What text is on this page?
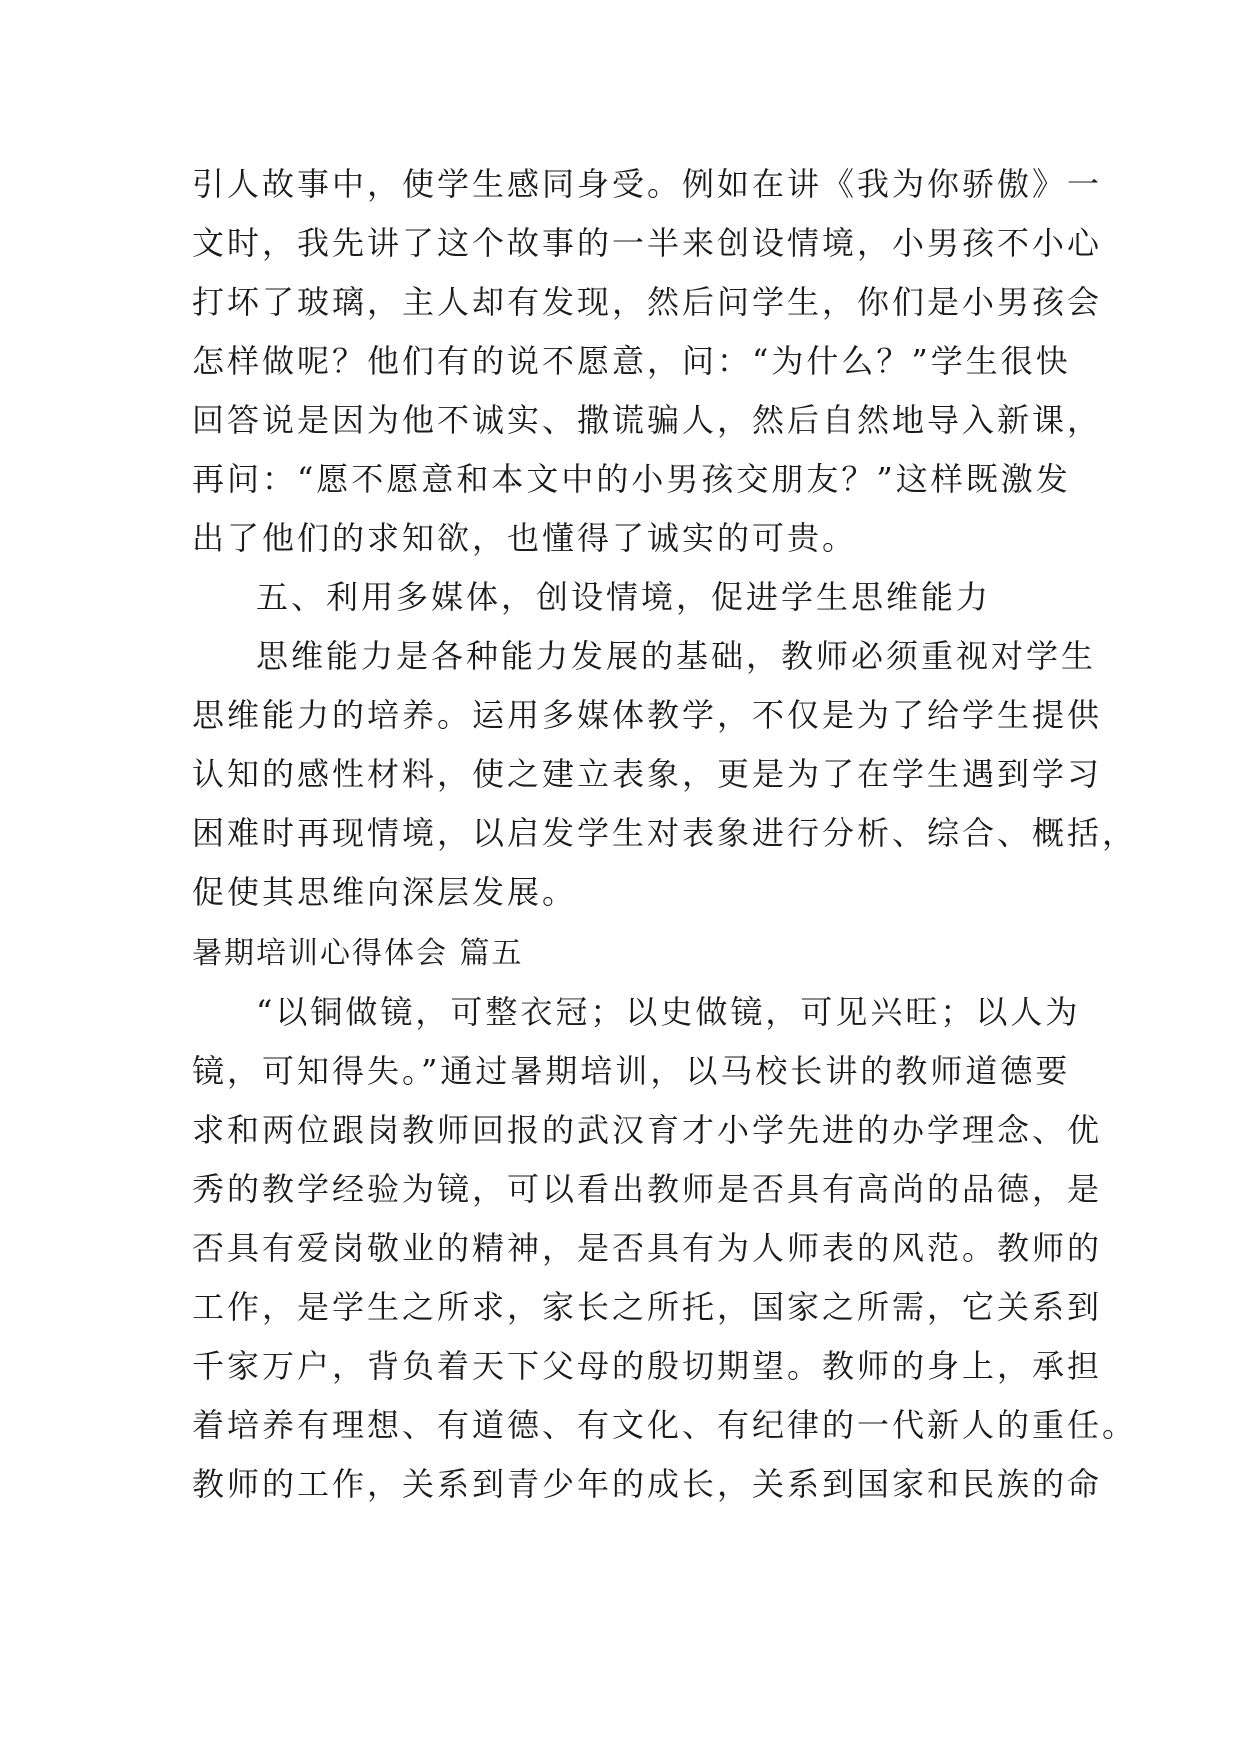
引人故事中，使学生感同身受。例如在讲《我为你骄傲》一
文时，我先讲了这个故事的一半来创设情境，小男孩不小心
打坏了玻璃，主人却有发现，然后问学生，你们是小男孩会
怎样做呢？他们有的说不愿意，问：“为什么？”学生很快
回答说是因为他不诚实、撒谎骗人，然后自然地导入新课，
再问：“愿不愿意和本文中的小男孩交朋友？”这样既激发
出了他们的求知欲，也懂得了诚实的可贵。
五、利用多媒体，创设情境，促进学生思维能力
思维能力是各种能力发展的基础，教师必须重视对学生
思维能力的培养。运用多媒体教学，不仅是为了给学生提供
认知的感性材料，使之建立表象，更是为了在学生遇到学习
困难时再现情境，以启发学生对表象进行分析、综合、概括，
促使其思维向深层发展。
暑期培训心得体会 篇五
“以铜做镜，可整衣冠；以史做镜，可见兴旺；以人为
镜，可知得失。”通过暑期培训，以马校长讲的教师道德要
求和两位跟岗教师回报的武汉育才小学先进的办学理念、优
秀的教学经验为镜，可以看出教师是否具有高尚的品德，是
否具有爱岗敬业的精神，是否具有为人师表的风范。教师的
工作，是学生之所求，家长之所托，国家之所需，它关系到
千家万户，背负着天下父母的殷切期望。教师的身上，承担
着培养有理想、有道德、有文化、有纪律的一代新人的重任。
教师的工作，关系到青少年的成长，关系到国家和民族的命
